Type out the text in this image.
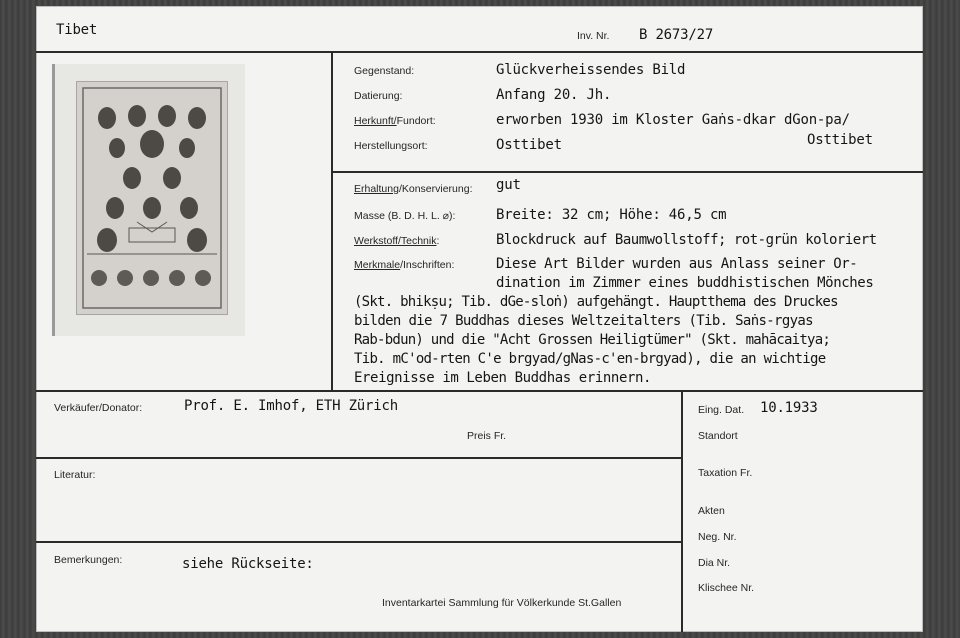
Tibet	Inv. Nr. B 2673/27
Gegenstand:	Glückverheissendes Bild
Datierung:	Anfang 20. Jh.
Herkunft/Fundort:	erworben 1930 im Kloster Gaṅs-dkar dGon-pa/
Osttibet
Herstellungsort:	Osttibet
Erhaltung/Konservierung: gut
Masse (B. D. H. L. ⌀):	Breite: 32 cm; Höhe: 46,5 cm
Werkstoff/Technik:	Blockdruck auf Baumwollstoff; rot-grün koloriert
Merkmale/Inschriften:	Diese Art Bilder wurden aus Anlass seiner Or-
dination im Zimmer eines buddhistischen Mönches
(Skt. bhikṣu; Tib. dGe-sloṅ) aufgehängt. Hauptthema des Druckes
bilden die 7 Buddhas dieses Weltzeitalters (Tib. Saṅs-rgyas
Rab-bdun) und die "Acht Grossen Heiligtümer" (Skt. mahācaitya;
Tib. mC'od-rten C'e brgyad/gNas-c'en-brgyad), die an wichtige
Ereignisse im Leben Buddhas erinnern.
Verkäufer/Donator:	Prof. E. Imhof, ETH Zürich
Preis Fr.
Literatur:
Bemerkungen:	siehe Rückseite:
Inventarkartei Sammlung für Völkerkunde St.Gallen
Eing. Dat. 10.1933
Standort
Taxation Fr.
Akten
Neg. Nr.
Dia Nr.
Klischee Nr.
